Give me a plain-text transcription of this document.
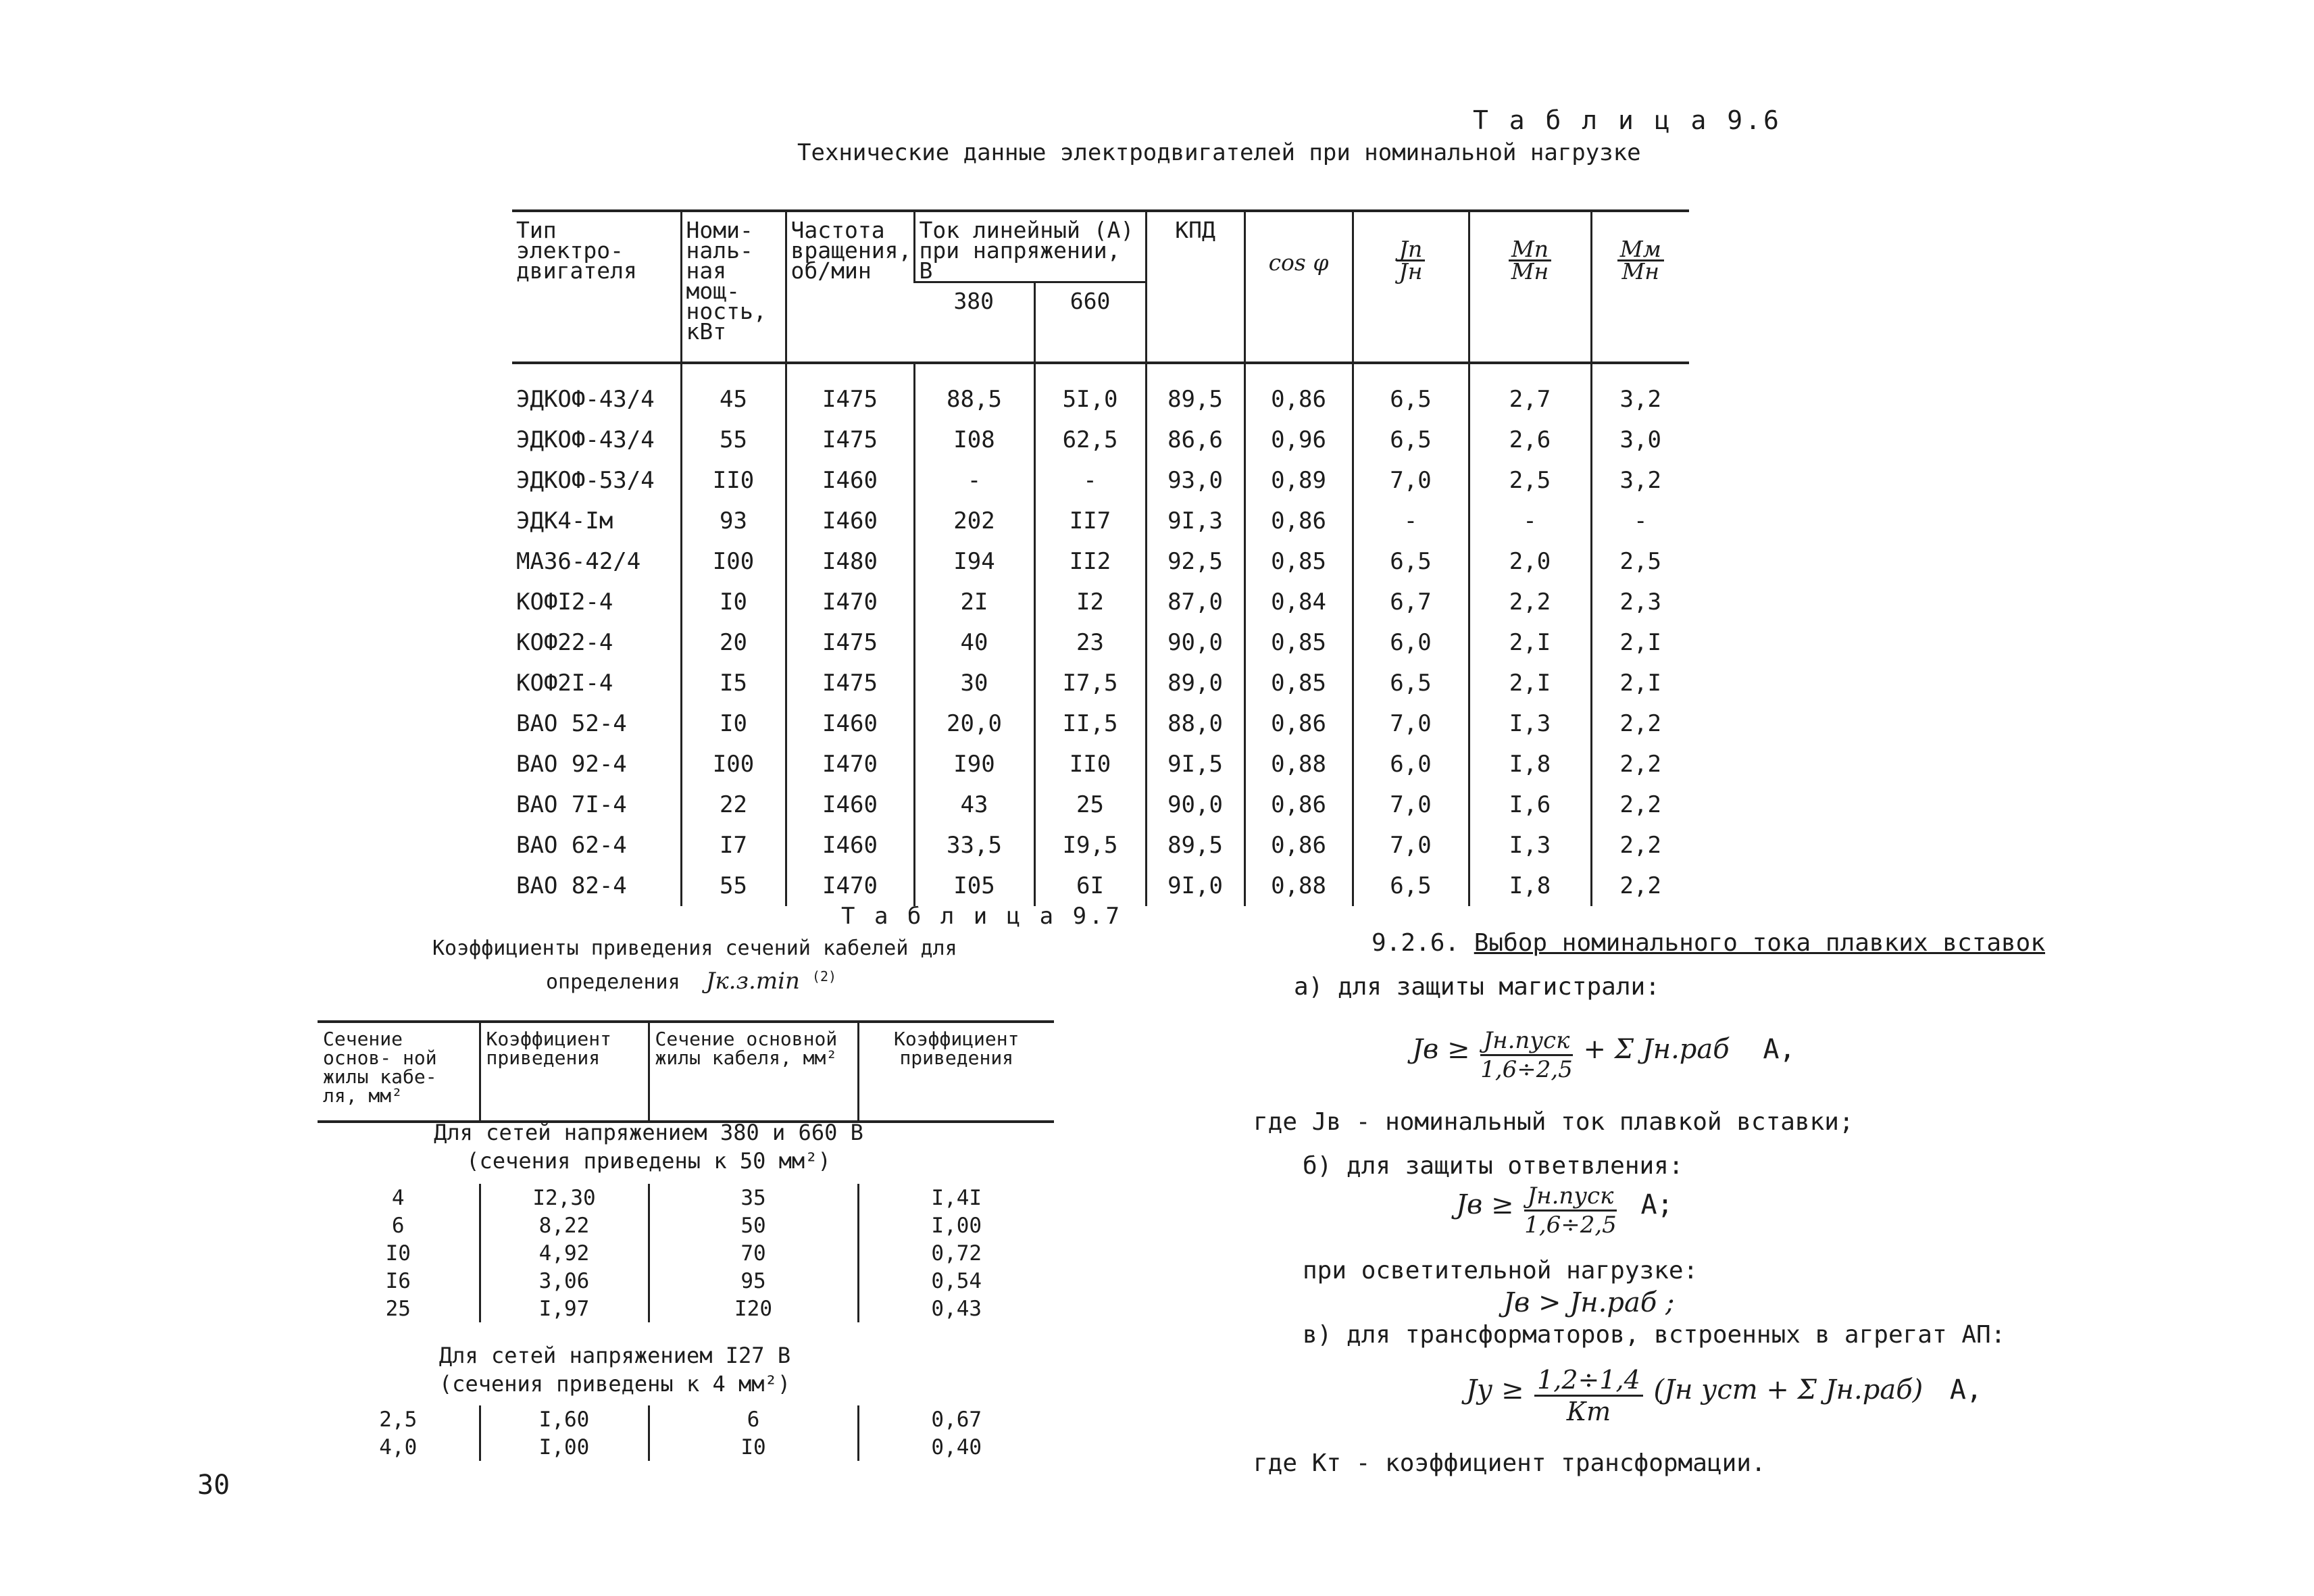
Т а б л и ц а 9.6
Технические данные электродвигателей при номинальной нагрузке
Тип электро- двигателя	Номи- наль- ная мощ- ность, кВт	Частота вращения, об/мин	Ток линейный (А) при напряжении, В		КПД	cos φ	$\frac{Jп}{Jн}$	$\frac{Мп}{Мн}$	$\frac{Мм}{Мн}$

			380	660					
ЭДКОФ-43/4	45	I475	88,5	5I,0	89,5	0,86	6,5	2,7	3,2
ЭДКОФ-43/4	55	I475	I08	62,5	86,6	0,96	6,5	2,6	3,0
ЭДКОФ-53/4	II0	I460	-	-	93,0	0,89	7,0	2,5	3,2
ЭДК4-Iм	93	I460	202	II7	9I,3	0,86	-	-	-
МА36-42/4	I00	I480	I94	II2	92,5	0,85	6,5	2,0	2,5
КОФI2-4	I0	I470	2I	I2	87,0	0,84	6,7	2,2	2,3
КОФ22-4	20	I475	40	23	90,0	0,85	6,0	2,I	2,I
КОФ2I-4	I5	I475	30	I7,5	89,0	0,85	6,5	2,I	2,I
ВАО 52-4	I0	I460	20,0	II,5	88,0	0,86	7,0	I,3	2,2
ВАО 92-4	I00	I470	I90	II0	9I,5	0,88	6,0	I,8	2,2
ВАО 7I-4	22	I460	43	25	90,0	0,86	7,0	I,6	2,2
ВАО 62-4	I7	I460	33,5	I9,5	89,5	0,86	7,0	I,3	2,2
ВАО 82-4	55	I470	I05	6I	9I,0	0,88	6,5	I,8	2,2
Т а б л и ц а 9.7
Коэффициенты приведения сечений кабелей для
определения Jк.з.min $^{(2)}$
Сечение основ- ной жилы кабе- ля, мм²	Коэффициент приведения	Сечение основной жилы кабеля, мм²	Коэффициент приведения
Для сетей напряжением 380 и 660 В
(сечения приведены к 50 мм²)
4	I2,30	35	I,4I
6	8,22	50	I,00
I0	4,92	70	0,72
I6	3,06	95	0,54
25	I,97	I20	0,43
Для сетей напряжением I27 В
(сечения приведены к 4 мм²)
2,5	I,60	6	0,67
4,0	I,00	I0	0,40
9.2.6. Выбор номинального тока плавких вставок
а) для защиты магистрали:
Jв ≥ $\frac{\text{Jн.пуск}}{1,6\div 2,5} + \Sigma$ Jн.раб А,
где Jв - номинальный ток плавкой вставки;
б) для защиты ответвления:
Jв ≥ $\frac{\text{Jн.пуск}}{1,6\div 2,5} А$;
при осветительной нагрузке:
Jв > Jн.раб ;
в) для трансформаторов, встроенных в агрегат АП:
Jу ≥ $\frac{1,2\div 1,4}{Кт} (Jн$ уст + Σ Jн.раб) А,
где Кт - коэффициент трансформации.
30
